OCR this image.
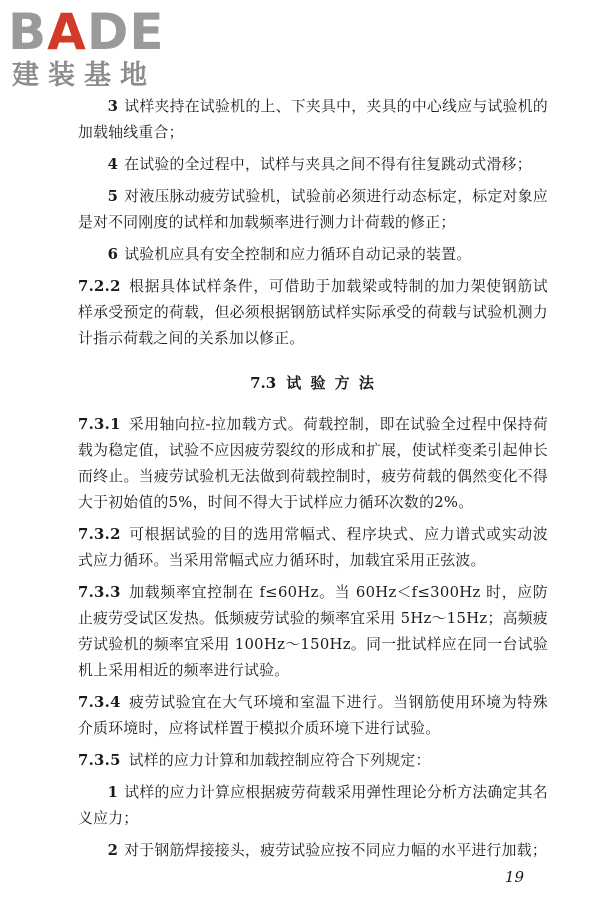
BADE
建装基地

3 试样夹持在试验机的上、下夹具中，夹具的中心线应与试验机的加载轴线重合；

4 在试验的全过程中，试样与夹具之间不得有往复跳动式滑移；

5 对液压脉动疲劳试验机，试验前必须进行动态标定，标定对象应是对不同刚度的试样和加载频率进行测力计荷载的修正；

6 试验机应具有安全控制和应力循环自动记录的装置。

7.2.2 根据具体试样条件，可借助于加载梁或特制的加力架使钢筋试样承受预定的荷载，但必须根据钢筋试样实际承受的荷载与试验机测力计指示荷载之间的关系加以修正。

7.3 试 验 方 法

7.3.1 采用轴向拉-拉加载方式。荷载控制，即在试验全过程中保持荷载为稳定值，试验不应因疲劳裂纹的形成和扩展，使试样变柔引起伸长而终止。当疲劳试验机无法做到荷载控制时，疲劳荷载的偶然变化不得大于初始值的5%，时间不得大于试样应力循环次数的2%。

7.3.2 可根据试验的目的选用常幅式、程序块式、应力谱式或实动波式应力循环。当采用常幅式应力循环时，加载宜采用正弦波。

7.3.3 加载频率宜控制在 f≤60Hz。当 60Hz＜f≤300Hz 时，应防止疲劳受试区发热。低频疲劳试验的频率宜采用 5Hz～15Hz；高频疲劳试验机的频率宜采用 100Hz～150Hz。同一批试样应在同一台试验机上采用相近的频率进行试验。

7.3.4 疲劳试验宜在大气环境和室温下进行。当钢筋使用环境为特殊介质环境时，应将试样置于模拟介质环境下进行试验。

7.3.5 试样的应力计算和加载控制应符合下列规定：

1 试样的应力计算应根据疲劳荷载采用弹性理论分析方法确定其名义应力；

2 对于钢筋焊接接头，疲劳试验应按不同应力幅的水平进行加载；

19
